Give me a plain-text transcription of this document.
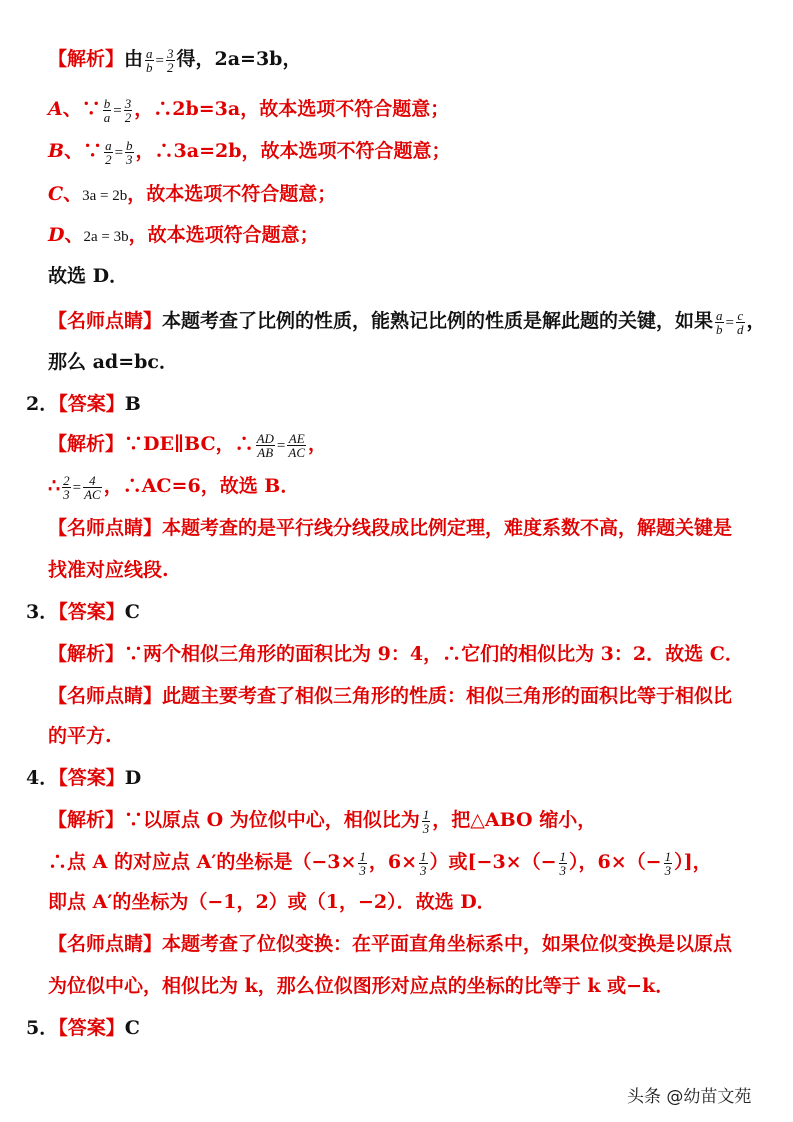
【解析】由 $\frac{a}{b} = \frac{3}{2}$ 得，2a=3b，
A、∵ $\frac{b}{a} = \frac{3}{2}$ ，∴2b=3a，故本选项不符合题意；
B、∵ $\frac{a}{2} = \frac{b}{3}$ ，∴3a=2b，故本选项不符合题意；
C、3a = 2b，故本选项不符合题意；
D、2a = 3b，故本选项符合题意；
故选 D．
【名师点睛】本题考查了比例的性质，能熟记比例的性质是解此题的关键，如果 $\frac{a}{b} = \frac{c}{d}$ ，
那么 ad=bc．
2．【答案】B
【解析】∵DE∥BC，∴ $\frac{AD}{AB} = \frac{AE}{AC}$ ，
∴ $\frac{2}{3} = \frac{4}{AC}$ ，∴AC=6，故选 B．
【名师点睛】本题考查的是平行线分线段成比例定理，难度系数不高，解题关键是
找准对应线段.
3．【答案】C
【解析】∵两个相似三角形的面积比为 9：4，∴它们的相似比为 3：2．故选 C．
【名师点睛】此题主要考查了相似三角形的性质：相似三角形的面积比等于相似比
的平方.
4．【答案】D
【解析】∵以原点 O 为位似中心，相似比为 $\frac{1}{3}$ ，把△ABO 缩小，
∴点 A 的对应点 A′的坐标是（$-3\times \frac{1}{3}$ ，$6\times \frac{1}{3}$ ）或[$-3\times(- \frac{1}{3}$ ），$6\times(- \frac{1}{3}$ ）]，
即点 A′的坐标为（−1，2）或（1，−2）．故选 D．
【名师点睛】本题考查了位似变换：在平面直角坐标系中，如果位似变换是以原点
为位似中心，相似比为 k，那么位似图形对应点的坐标的比等于 k 或−k．
5．【答案】C
头条 @幼苗文苑
